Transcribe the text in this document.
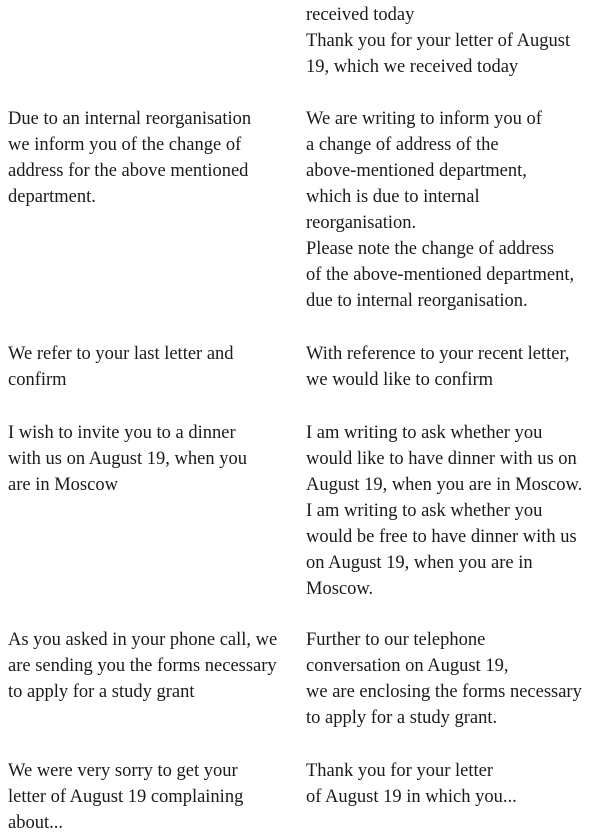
received today
Thank you for your letter of August
19, which we received today
Due to an internal reorganisation
we inform you of the change of
address for the above mentioned
department.
We are writing to inform you of
a change of address of the
above-mentioned department,
which is due to internal
reorganisation.
Please note the change of address
of the above-mentioned department,
due to internal reorganisation.
We refer to your last letter and
confirm
With reference to your recent letter,
we would like to confirm
I wish to invite you to a dinner
with us on August 19, when you
are in Moscow
I am writing to ask whether you
would like to have dinner with us on
August 19, when you are in Moscow.
I am writing to ask whether you
would be free to have dinner with us
on August 19, when you are in
Moscow.
As you asked in your phone call, we
are sending you the forms necessary
to apply for a study grant
Further to our telephone
conversation on August 19,
we are enclosing the forms necessary
to apply for a study grant.
We were very sorry to get your
letter of August 19 complaining
about...
Thank you for your letter
of August 19 in which you...
